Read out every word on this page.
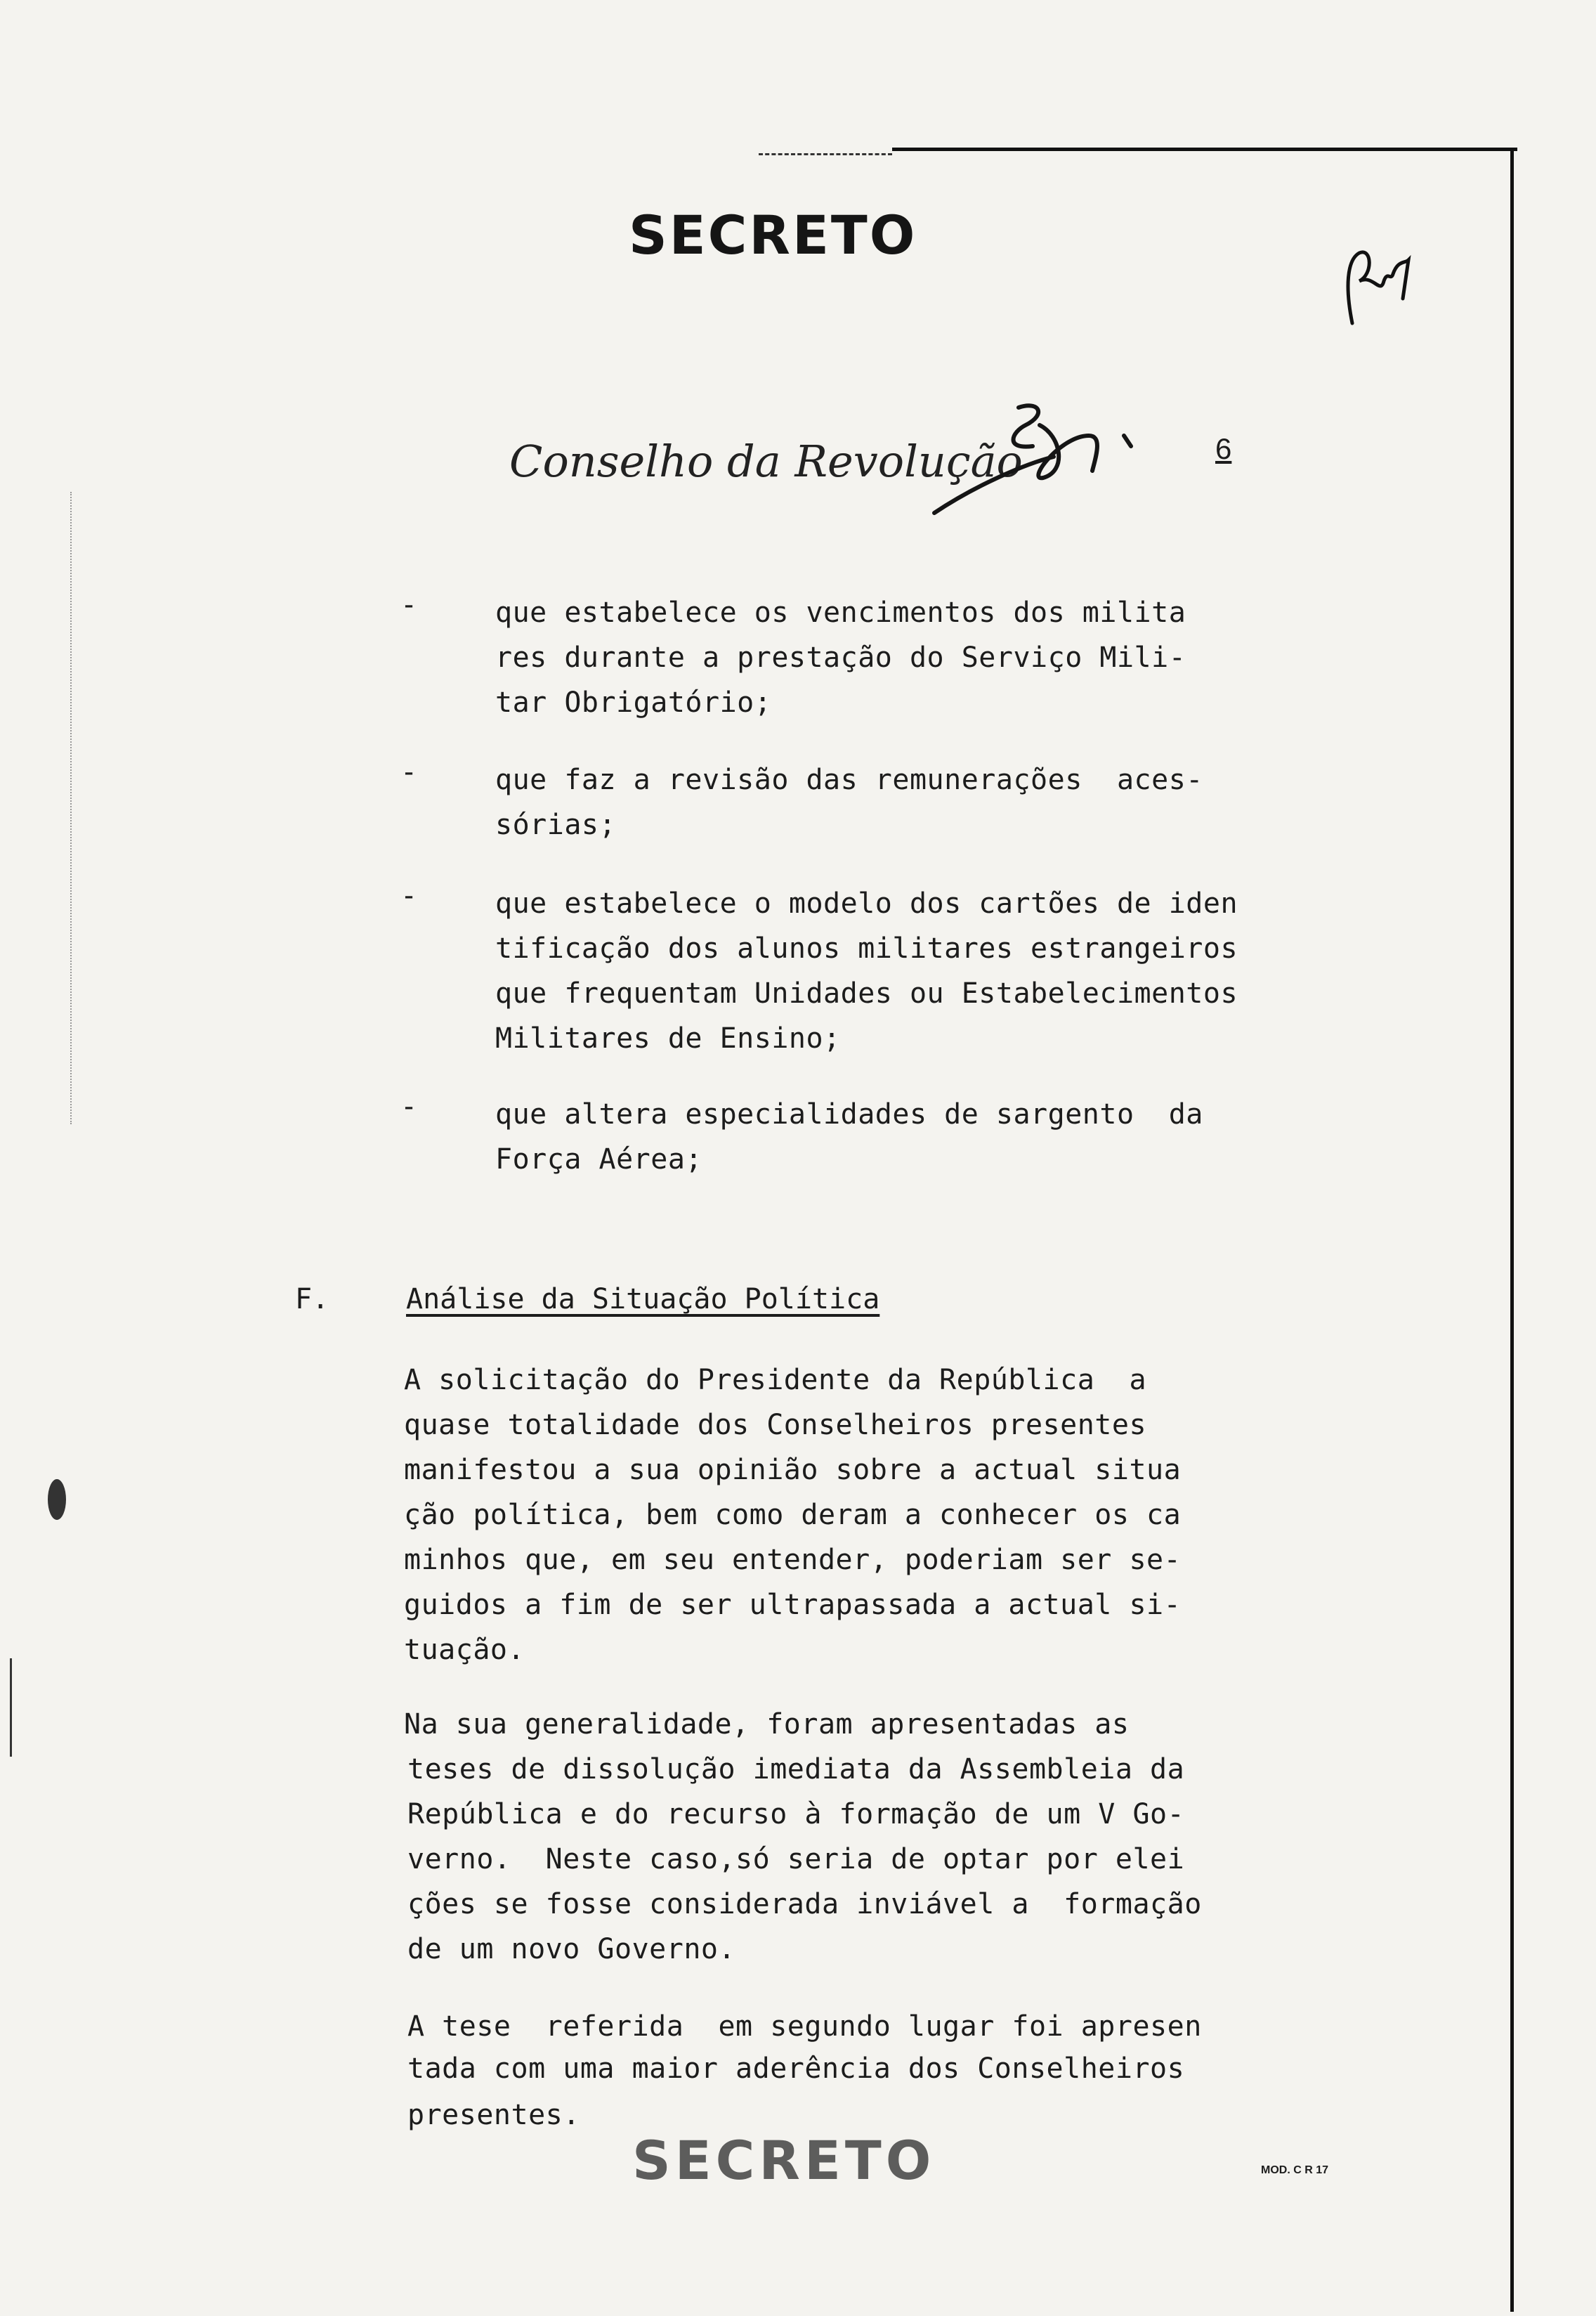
SECRETO
Conselho da Revolução	6
-	que estabelece os vencimentos dos milita
res durante a prestação do Serviço Mili-
tar Obrigatório;
-	que faz a revisão das remunerações  aces-
sórias;
-	que estabelece o modelo dos cartões de iden
tificação dos alunos militares estrangeiros
que frequentam Unidades ou Estabelecimentos
Militares de Ensino;
-	que altera especialidades de sargento  da
Força Aérea;
F.	Análise da Situação Política
A solicitação do Presidente da República  a
quase totalidade dos Conselheiros presentes
manifestou a sua opinião sobre a actual situa
ção política, bem como deram a conhecer os ca
minhos que, em seu entender, poderiam ser se-
guidos a fim de ser ultrapassada a actual si-
tuação.
Na sua generalidade, foram apresentadas as
teses de dissolução imediata da Assembleia da
República e do recurso à formação de um V Go-
verno.  Neste caso,só seria de optar por elei
ções se fosse considerada inviável a  formação
de um novo Governo.
A tese  referida  em segundo lugar foi apresen
tada com uma maior aderência dos Conselheiros
presentes.
SECRETO	MOD. C R 17
